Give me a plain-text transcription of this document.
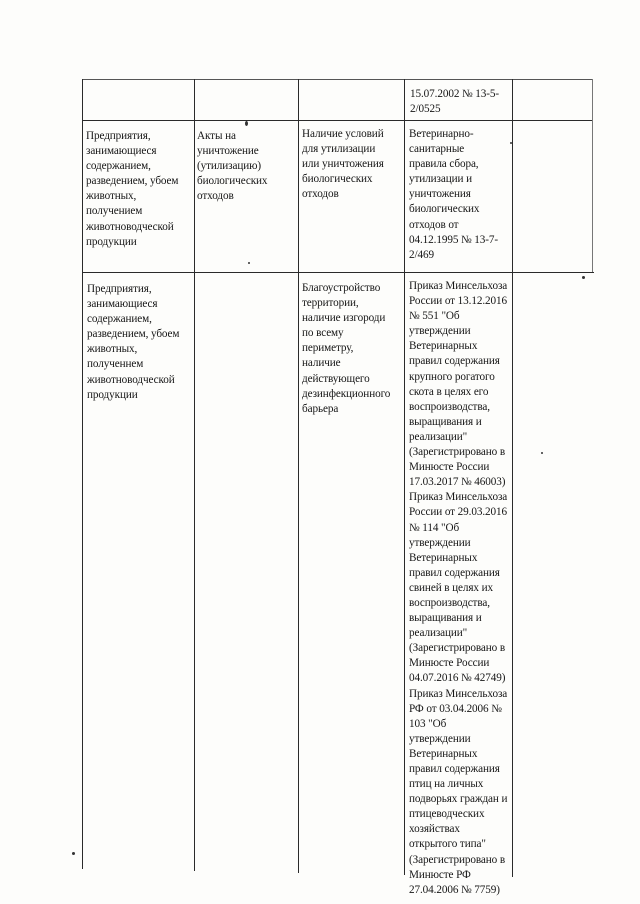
15.07.2002 № 13-5-
2/0525
Предприятия,
занимающиеся
содержанием,
разведением, убоем
животных,
получением
животноводческой
продукции
Акты на
уничтожение
(утилизацию)
биологических
отходов
Наличие условий
для утилизации
или уничтожения
биологических
отходов
Ветеринарно-
санитарные
правила сбора,
утилизации и
уничтожения
биологических
отходов от
04.12.1995 № 13-7-
2/469
Предприятия,
занимающиеся
содержанием,
разведением, убоем
животных,
полученнем
животноводческой
продукции
Благоустройство
территории,
наличие изгороди
по всему
периметру,
наличие
действующего
дезинфекционного
барьера
Приказ Минсельхоза
России от 13.12.2016
№ 551 "Об
утверждении
Ветеринарных
правил содержания
крупного рогатого
скота в целях его
воспроизводства,
выращивания и
реализации"
(Зарегистрировано в
Минюсте России
17.03.2017 № 46003)
Приказ Минсельхоза
России от 29.03.2016
№ 114 "Об
утверждении
Ветеринарных
правил содержания
свиней в целях их
воспроизводства,
выращивания и
реализации"
(Зарегистрировано в
Минюсте России
04.07.2016 № 42749)
Приказ Минсельхоза
РФ от 03.04.2006 №
103 "Об
утверждении
Ветеринарных
правил содержания
птиц на личных
подворьях граждан и
птицеводческих
хозяйствах
открытого типа"
(Зарегистрировано в
Минюсте РФ
27.04.2006 № 7759)
